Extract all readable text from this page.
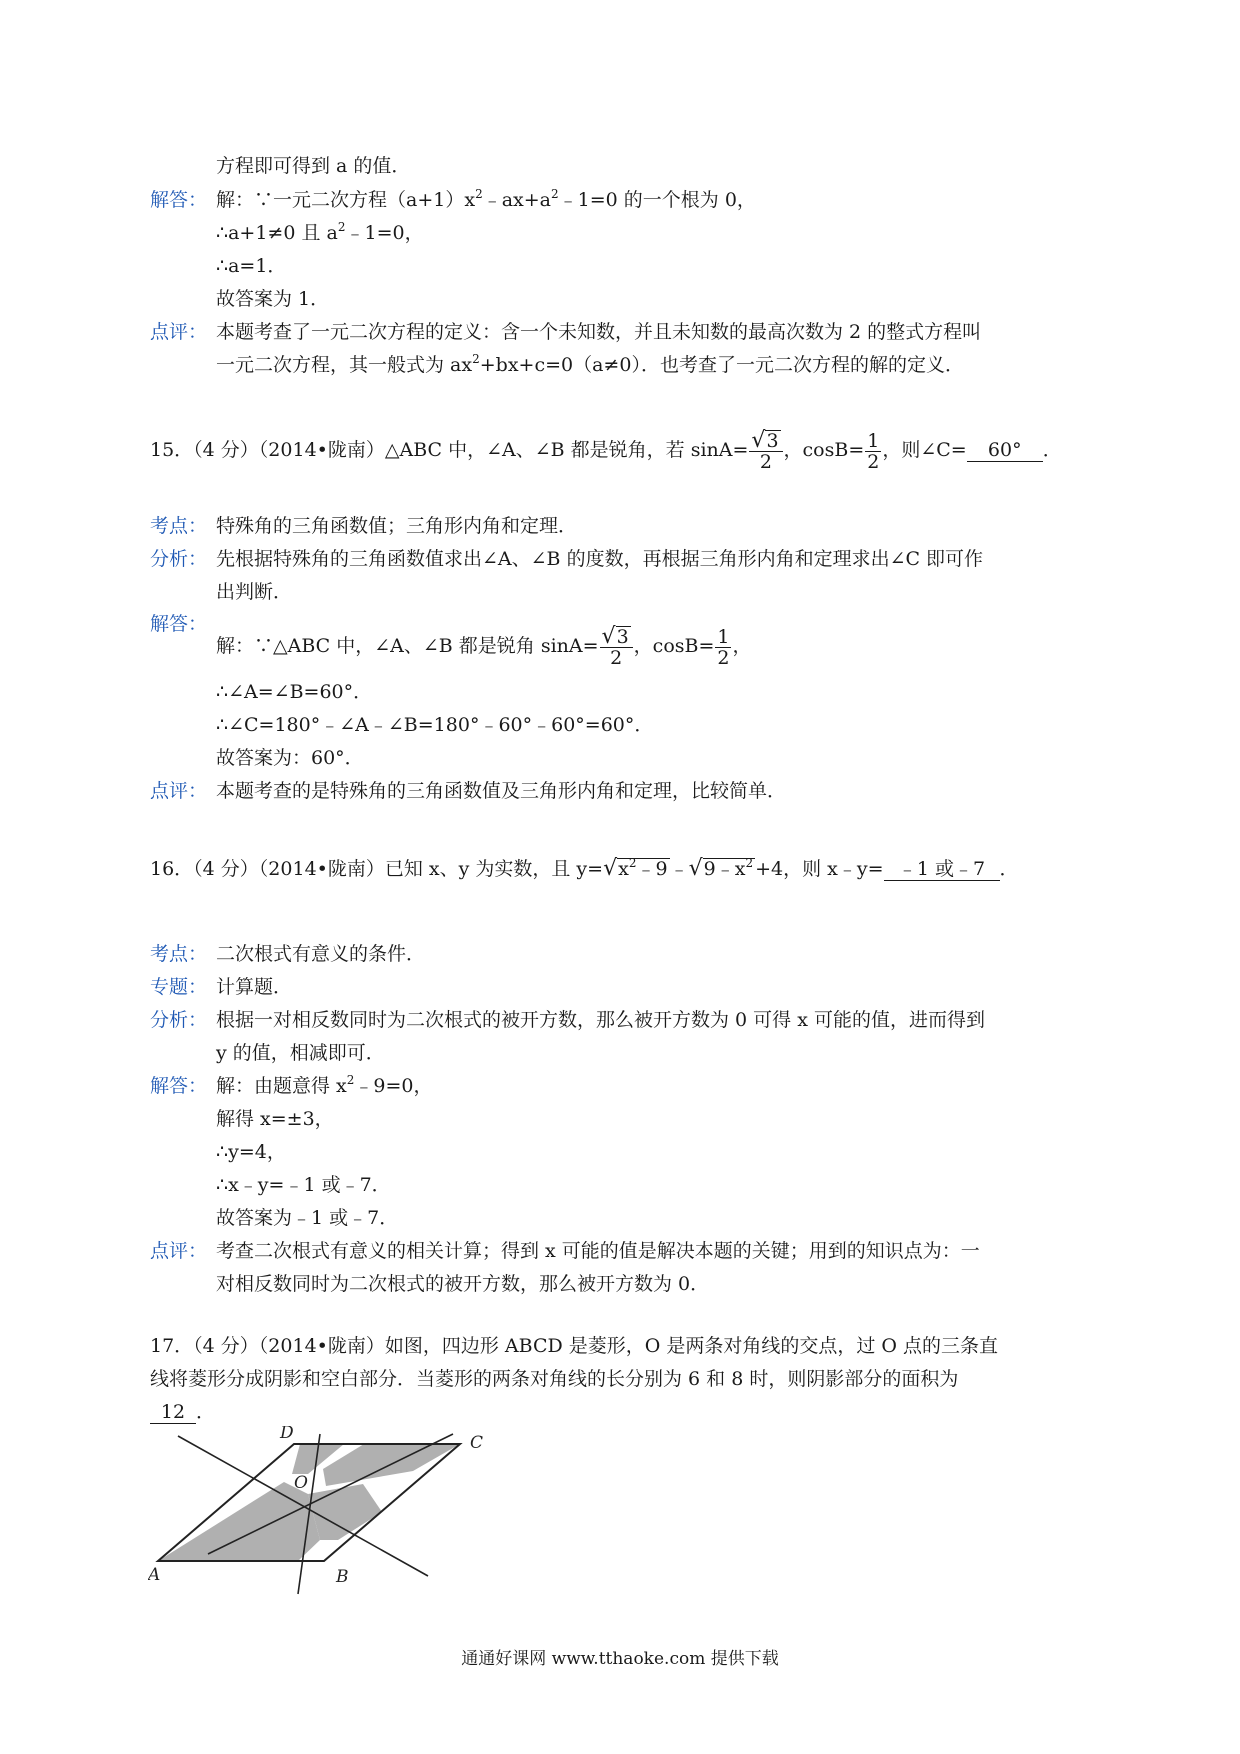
方程即可得到 a 的值．
解答： 解：∵一元二次方程$(a+1)x^2﹣ax+a^2﹣1=0$ 的一个根为 0，
∴a+1≠0 且 $a^2﹣1=0$，
∴a=1．
故答案为 1．
点评： 本题考查了一元二次方程的定义：含一个未知数，并且未知数的最高次数为 2 的整式方程叫
一元二次方程，其一般式为 $ax^2+bx+c=0(a\ne 0)$．也考查了一元二次方程的解的定义．
15．（4 分）（2014•陇南）△ABC 中，∠A、∠B 都是锐角，若 $\sin A= \frac{√3}{2}$ ，$\cos B= \frac{1}{2}$ ，则∠C= 60° ．
考点： 特殊角的三角函数值；三角形内角和定理．
分析： 先根据特殊角的三角函数值求出∠A、∠B 的度数，再根据三角形内角和定理求出∠C 即可作
出判断．
解答：
解：∵△ABC 中，∠A、∠B 都是锐角 $\sin A= \frac{√3}{2}$ ，$\cos B= \frac{1}{2}$ ，
∴∠A=∠B=60°．
∴∠C=180°﹣∠A﹣∠B=180°﹣60°﹣60°=60°．
故答案为：60°．
点评： 本题考查的是特殊角的三角函数值及三角形内角和定理，比较简单．
16．（4 分）（2014•陇南）已知 x、y 为实数，且 $y=√x^2﹣9$ $﹣√9﹣x^2 +4$，则 x﹣y= ﹣1 或﹣7 ．
考点： 二次根式有意义的条件．
专题： 计算题．
分析： 根据一对相反数同时为二次根式的被开方数，那么被开方数为 0 可得 x 可能的值，进而得到
y 的值，相减即可．
解答： 解：由题意得 $x^2﹣9=0$，
解得 x=±3，
∴y=4，
∴x﹣y=﹣1 或﹣7．
故答案为﹣1 或﹣7．
点评： 考查二次根式有意义的相关计算；得到 x 可能的值是解决本题的关键；用到的知识点为：一
对相反数同时为二次根式的被开方数，那么被开方数为 0．
17．（4 分）（2014•陇南）如图，四边形 ABCD 是菱形，O 是两条对角线的交点，过 O 点的三条直
线将菱形分成阴影和空白部分．当菱形的两条对角线的长分别为 6 和 8 时，则阴影部分的面积为
12 ．
A	B
C
D
O
通通好课网 www.tthaoke.com 提供下载
